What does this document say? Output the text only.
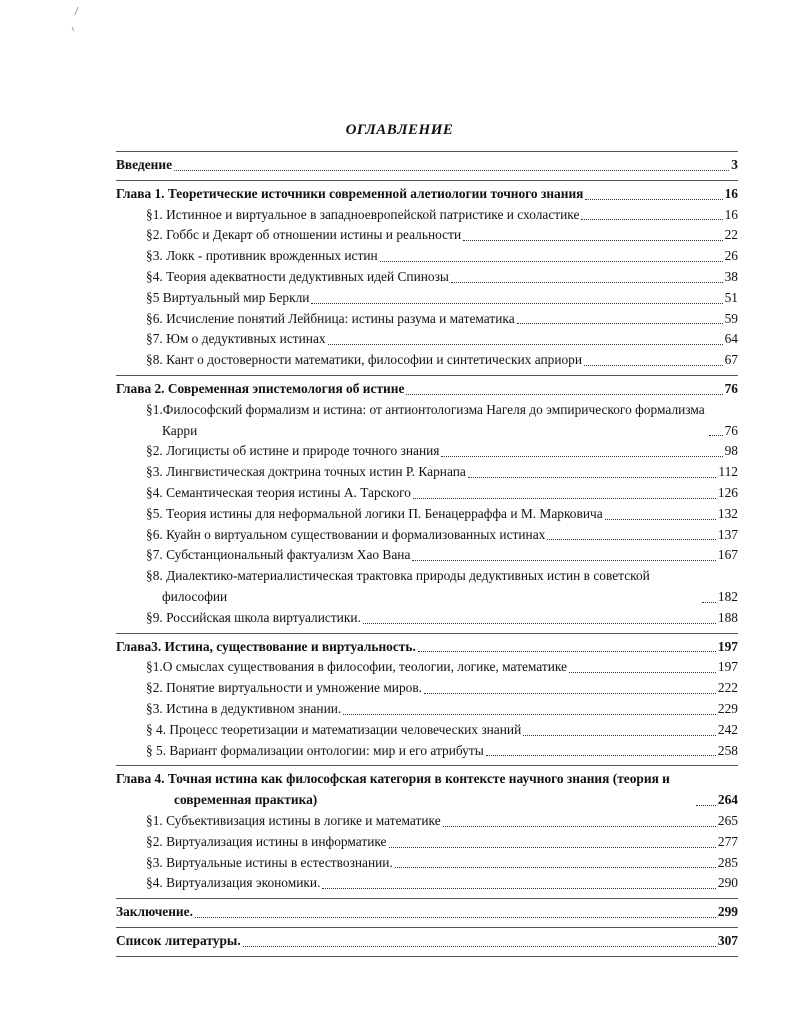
ОГЛАВЛЕНИЕ
Введение	3
Глава 1. Теоретические источники современной алетиологии точного знания	16
§1. Истинное и виртуальное в западноевропейской патристике и схоластике	16
§2. Гоббс и Декарт об отношении истины и реальности	22
§3. Локк - противник врожденных истин	26
§4. Теория адекватности дедуктивных идей Спинозы	38
§5 Виртуальный мир Беркли	51
§6. Исчисление понятий Лейбница: истины разума и математика	59
§7. Юм о дедуктивных истинах	64
§8. Кант о достоверности математики, философии и синтетических априори	67
Глава 2. Современная эпистемология об истине	76
§1.Философский формализм и истина: от антионтологизма Нагеля до эмпирического формализма Карри	76
§2. Логицисты об истине и природе точного знания	98
§3. Лингвистическая доктрина точных истин Р. Карнапа	112
§4. Семантическая теория истины А. Тарского	126
§5. Теория истины для неформальной логики П. Бенацерраффа и М. Марковича	132
§6. Куайн о виртуальном существовании и формализованных истинах	137
§7. Субстанциональный фактуализм Хао Вана	167
§8. Диалектико-материалистическая трактовка природы дедуктивных истин в советской философии	182
§9. Российская школа виртуалистики.	188
Глава3. Истина, существование и виртуальность.	197
§1.О смыслах существования в философии, теологии, логике, математике	197
§2. Понятие виртуальности и умножение миров.	222
§3. Истина в дедуктивном знании.	229
§ 4. Процесс теоретизации и математизации человеческих знаний	242
§ 5. Вариант формализации онтологии: мир и его атрибуты	258
Глава 4. Точная истина как философская категория в контексте научного знания (теория и современная практика)	264
§1. Субъективизация истины в логике и математике	265
§2. Виртуализация истины в информатике	277
§3. Виртуальные истины в естествознании.	285
§4. Виртуализация экономики.	290
Заключение.	299
Список литературы.	307
